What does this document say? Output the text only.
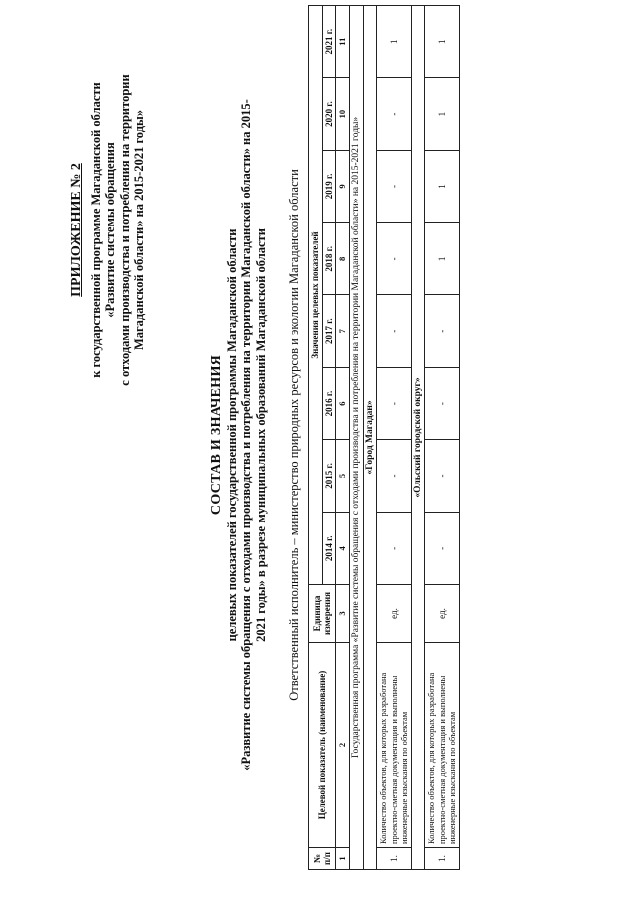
ПРИЛОЖЕНИЕ № 2 к государственной программе Магаданской области «Развитие системы обращения с отходами производства и потребления на территории Магаданской области» на 2015-2021 годы»
СОСТАВ И ЗНАЧЕНИЯ целевых показателей государственной программы Магаданской области «Развитие системы обращения с отходами производства и потребления на территории Магаданской области» на 2015- 2021 годы» в разрезе муниципальных образований Магаданской области Ответственный исполнитель – министерство природных ресурсов и экологии Магаданской области
№ п/п	Целевой показатель (наименование)	Единица измерения	Значения целевых показателей							
			2014 г.	2015 г.	2016 г.	2017 г.	2018 г.	2019 г.	2020 г.	2021 г.
1	2	3	4	5	6	7	8	9	10	11
Государственная программа «Развитие системы обращения с отходами производства и потребления на территории Магаданской области» на 2015-2021 годы»										
«Город Магадан»										
1.	Количество объектов, для которых разработана проектно-сметная документация и выполнены инженерные изыскания по объектам	ед.	-	-	-	-	-	-	-	1
«Ольский городской округ»										
1.	Количество объектов, для которых разработана проектно-сметная документация и выполнены инженерные изыскания по объектам	ед.	-	-	-	-	1	1	1	1
